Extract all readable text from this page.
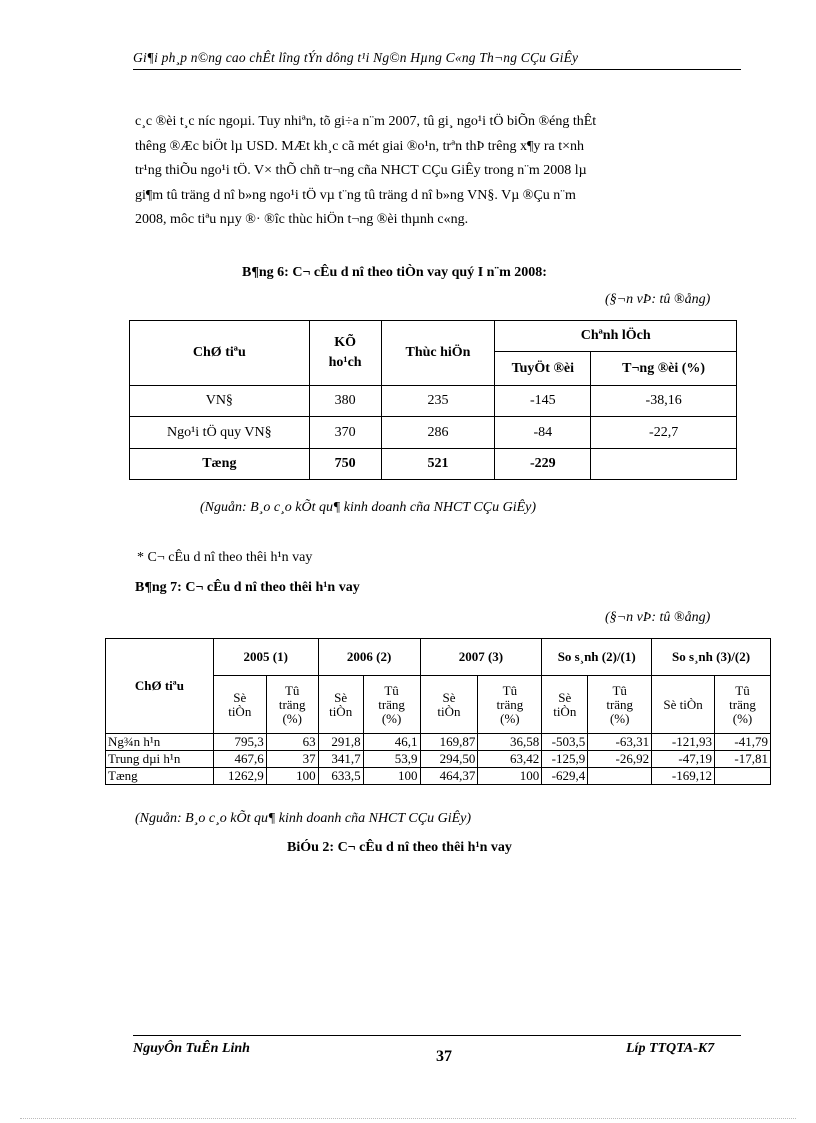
Gi¶i ph¸p n©ng cao chÊt lîng tÝn dông t¹i Ng©n Hµng C«ng Th¬ng CÇu GiÊy
c¸c ®èi t¸c níc ngoµi. Tuy nhiªn, tõ gi÷a n¨m 2007, tû gi¸ ngo¹i tÖ biÕn ®éng thÊt
thêng ®Æc biÖt lµ USD. MÆt kh¸c cã mét giai ®o¹n, trªn thÞ trêng x¶y ra t×nh
tr¹ng thiÕu ngo¹i tÖ. V× thÕ chñ tr¬ng cña NHCT CÇu GiÊy trong n¨m 2008 lµ
gi¶m tû träng d nî b»ng ngo¹i tÖ vµ t¨ng tû träng d nî b»ng VN§. Vµ ®Çu n¨m
2008, môc tiªu nµy ®· ®îc thùc hiÖn t¬ng ®èi thµnh c«ng.
B¶ng 6: C¬ cÊu d nî theo tiÒn vay quý I n¨m 2008:
(§¬n vÞ: tû ®ång)
ChØ tiªu	KÕ ho¹ch	Thùc hiÖn	Chªnh lÖch	
			TuyÖt ®èi	T¬ng ®èi (%)
VN§	380	235	-145	-38,16
Ngo¹i tÖ quy VN§	370	286	-84	-22,7
Tæng	750	521	-229	
(Nguån: B¸o c¸o kÕt qu¶ kinh doanh cña NHCT CÇu GiÊy)
* C¬ cÊu d nî theo thêi h¹n vay
B¶ng 7: C¬ cÊu d nî theo thêi h¹n vay
(§¬n vÞ: tû ®ång)
ChØ tiªu	2005 (1)		2006 (2)		2007 (3)		So s¸nh (2)/(1)		So s¸nh (3)/(2)	
	Sè tiÒn	Tû träng (%)	Sè tiÒn	Tû träng (%)	Sè tiÒn	Tû träng (%)	Sè tiÒn	Tû träng (%)	Sè tiÒn	Tû träng (%)
Ng¾n h¹n	795,3	63	291,8	46,1	169,87	36,58	-503,5	-63,31	-121,93	-41,79
Trung dµi h¹n	467,6	37	341,7	53,9	294,50	63,42	-125,9	-26,92	-47,19	-17,81
Tæng	1262,9	100	633,5	100	464,37	100	-629,4		-169,12	
(Nguån: B¸o c¸o kÕt qu¶ kinh doanh cña NHCT CÇu GiÊy)
BiÓu 2: C¬ cÊu d nî theo thêi h¹n vay
NguyÔn TuÊn Linh	37	Líp TTQTA-K7
